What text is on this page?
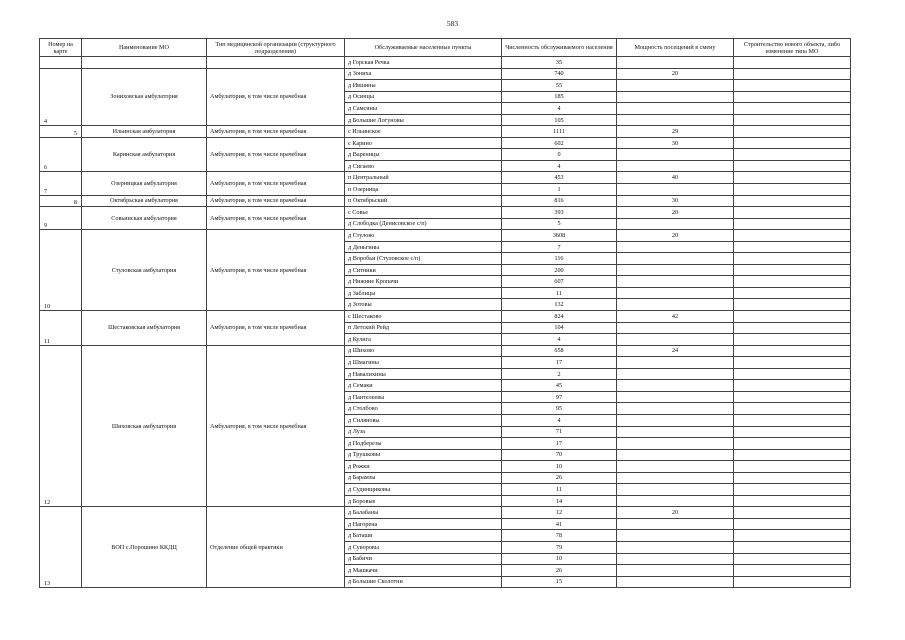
583
Номер на карте	Наименование МО	Тип медицинской организации (структурного подразделения)	Обслуживаемые населенные пункты	Численность обслуживаемого населения	Мощность посещений в смену	Строительство нового объекта, либо изменение типа МО
			д Горская Речка	35		
4	Зониховская амбулатория	Амбулатория, в том числе врачебная	д Зониха	740	20	
			д Ившины	55		
			д Осинцы	185		
			д Самсины	4		
			д Большие Логуновы	105		
5	Ильинская амбулатория	Амбулатория, в том числе врачебная	с Ильинское	1111	29	
6	Каринская амбулатория	Амбулатория, в том числе врачебная	с Карино	602	30	
			д Вареницы	0		
			д Сигаево	4		
7	Озерницкая амбулатория	Амбулатория, в том числе врачебная	п Центральный	453	40	
			п Озерница	1		
8	Октябрьская амбулатория	Амбулатория, в том числе врачебная	п Октябрьский	816	30	
9	Совьинская амбулатория	Амбулатория, в том числе врачебная	с Совье	393	20	
			д Слободка (Денисовское с/п)	5		
10	Стуловская амбулатория	Амбулатория, в том числе врачебная	д Стулово	3608	20	
			д Деньгины	7		
			д Воробьи (Стуловское с/п)	116		
			д Ситники	200		
			д Нижние Кропачи	607		
			д Заблицы	11		
			д Зотовы	132		
11	Шестаковская амбулатория	Амбулатория, в том числе врачебная	с Шестаково	824	42	
			п Летский Рейд	104		
			д Кулига	4		
12	Шиховская амбулатория	Амбулатория, в том числе врачебная	д Шихово	658	24	
			д Шмагины	17		
			д Навалихины	2		
			д Семаки	45		
			д Пантелеевы	97		
			д Столбово	95		
			д Силяновы	4		
			д Луза	71		
			д Подберезы	17		
			д Трушковы	70		
			д Рожки	10		
			д Барамзы	26		
			д Судинщиковы	11		
			д Боровые	14		
13	ВОП с.Порошино ККДЦ	Отделение общей практики	д Балабаны	12	20	
			д Нагорена	41		
			д Баташи	78		
			д Суворовы	79		
			д Бабичи	10		
			д Машкачи	26		
			д Большие Сколотни	15		
